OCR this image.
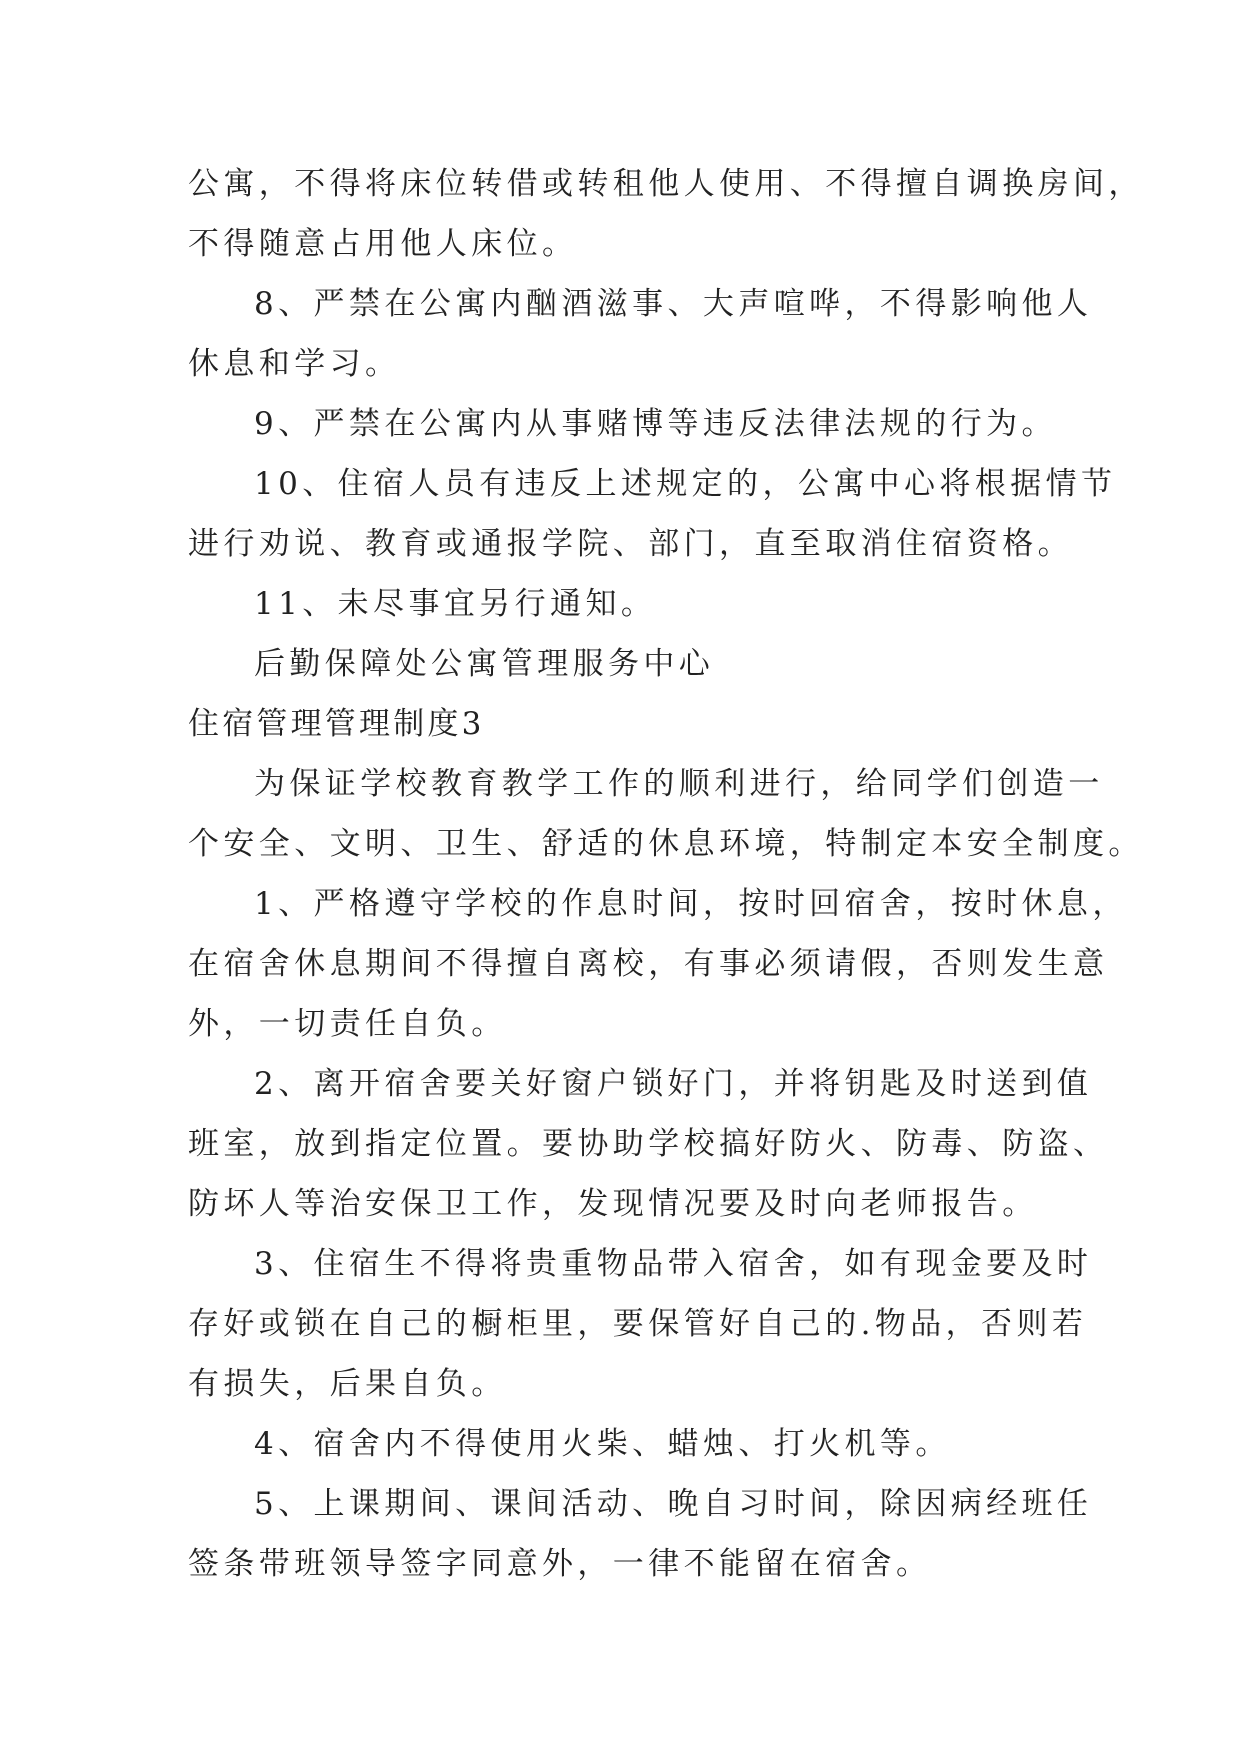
公寓，不得将床位转借或转租他人使用、不得擅自调换房间，
不得随意占用他人床位。
8、严禁在公寓内酗酒滋事、大声喧哗，不得影响他人
休息和学习。
9、严禁在公寓内从事赌博等违反法律法规的行为。
10、住宿人员有违反上述规定的，公寓中心将根据情节
进行劝说、教育或通报学院、部门，直至取消住宿资格。
11、未尽事宜另行通知。
后勤保障处公寓管理服务中心
住宿管理管理制度3
为保证学校教育教学工作的顺利进行，给同学们创造一
个安全、文明、卫生、舒适的休息环境，特制定本安全制度。
1、严格遵守学校的作息时间，按时回宿舍，按时休息，
在宿舍休息期间不得擅自离校，有事必须请假，否则发生意
外，一切责任自负。
2、离开宿舍要关好窗户锁好门，并将钥匙及时送到值
班室，放到指定位置。要协助学校搞好防火、防毒、防盗、
防坏人等治安保卫工作，发现情况要及时向老师报告。
3、住宿生不得将贵重物品带入宿舍，如有现金要及时
存好或锁在自己的橱柜里，要保管好自己的.物品，否则若
有损失，后果自负。
4、宿舍内不得使用火柴、蜡烛、打火机等。
5、上课期间、课间活动、晚自习时间，除因病经班任
签条带班领导签字同意外，一律不能留在宿舍。
